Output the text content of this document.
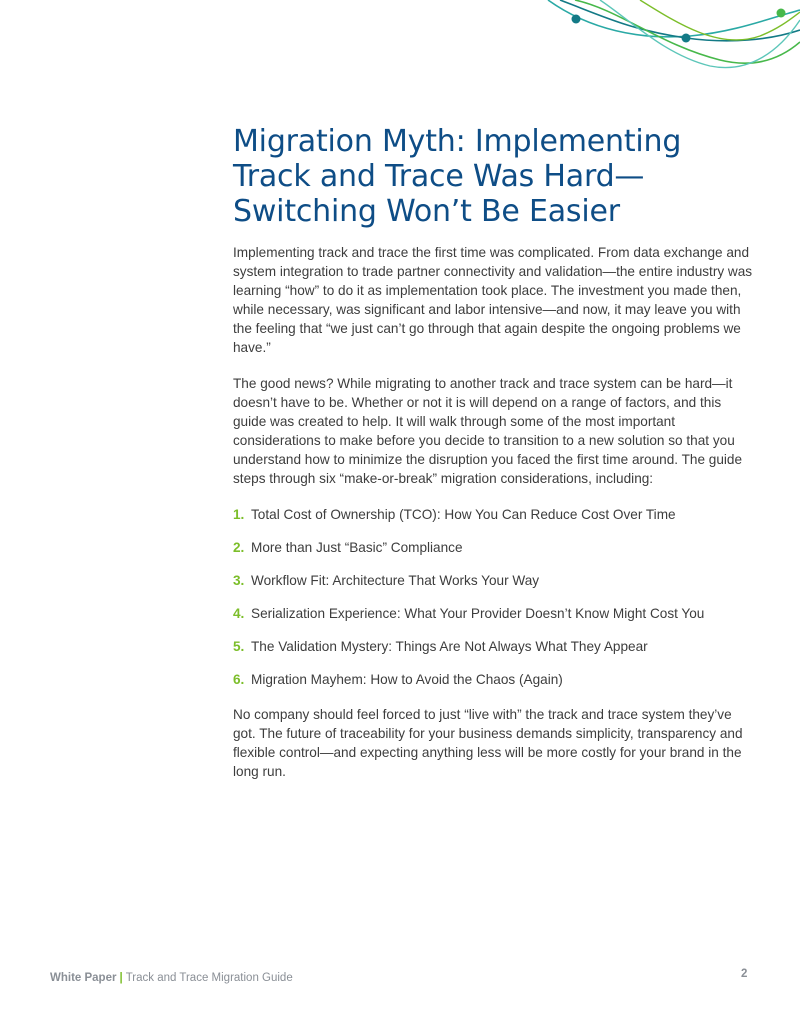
Migration Myth: Implementing Track and Trace Was Hard—Switching Won’t Be Easier

Implementing track and trace the first time was complicated. From data exchange and system integration to trade partner connectivity and validation—the entire industry was learning “how” to do it as implementation took place. The investment you made then, while necessary, was significant and labor intensive—and now, it may leave you with the feeling that “we just can’t go through that again despite the ongoing problems we have.”

The good news? While migrating to another track and trace system can be hard—it doesn’t have to be. Whether or not it is will depend on a range of factors, and this guide was created to help. It will walk through some of the most important considerations to make before you decide to transition to a new solution so that you understand how to minimize the disruption you faced the first time around. The guide steps through six “make-or-break” migration considerations, including:

1. Total Cost of Ownership (TCO): How You Can Reduce Cost Over Time
2. More than Just “Basic” Compliance
3. Workflow Fit: Architecture That Works Your Way
4. Serialization Experience: What Your Provider Doesn’t Know Might Cost You
5. The Validation Mystery: Things Are Not Always What They Appear
6. Migration Mayhem: How to Avoid the Chaos (Again)

No company should feel forced to just “live with” the track and trace system they’ve got. The future of traceability for your business demands simplicity, transparency and flexible control—and expecting anything less will be more costly for your brand in the long run.

White Paper | Track and Trace Migration Guide	2
